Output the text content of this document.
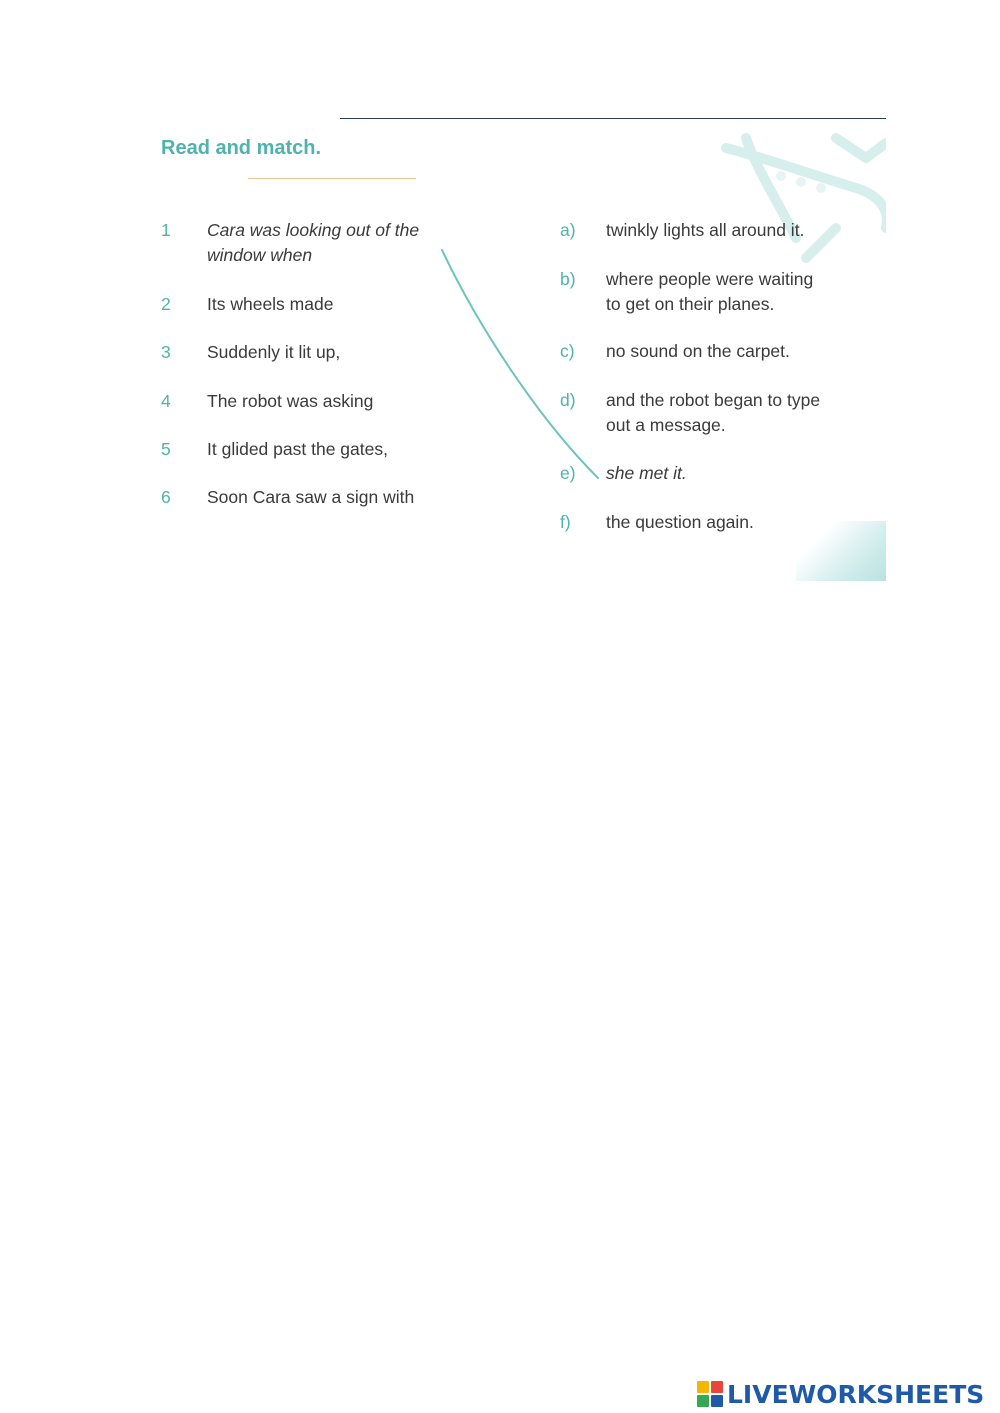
Read and match.
1	Cara was looking out of the
window when
2	Its wheels made
3	Suddenly it lit up,
4	The robot was asking
5	It glided past the gates,
6	Soon Cara saw a sign with
a)	twinkly lights all around it.
b)	where people were waiting
to get on their planes.
c)	no sound on the carpet.
d)	and the robot began to type
out a message.
e)	she met it.
f)	the question again.
LIVEWORKSHEETS
